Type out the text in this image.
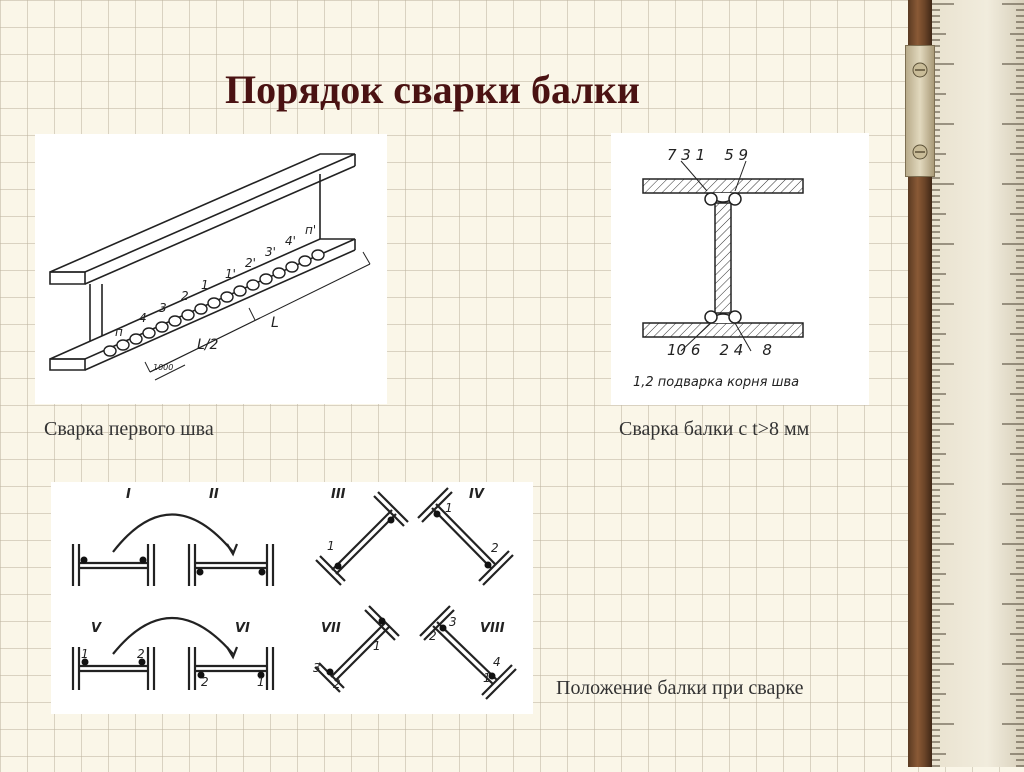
Порядок сварки балки
п
4
3
2
1
1'
2'
3'
4'
п'
L/2
L
1000
Сварка первого шва
7 3 1    5 9
10 6    2 4    8
1,2 подварка корня шва
Сварка балки с t>8 мм
I	II	III	IV
V	VI	VII	VIII
1	2
2	1
1
1
2
3
2
1
3
2
1
4
Положение балки при сварке
